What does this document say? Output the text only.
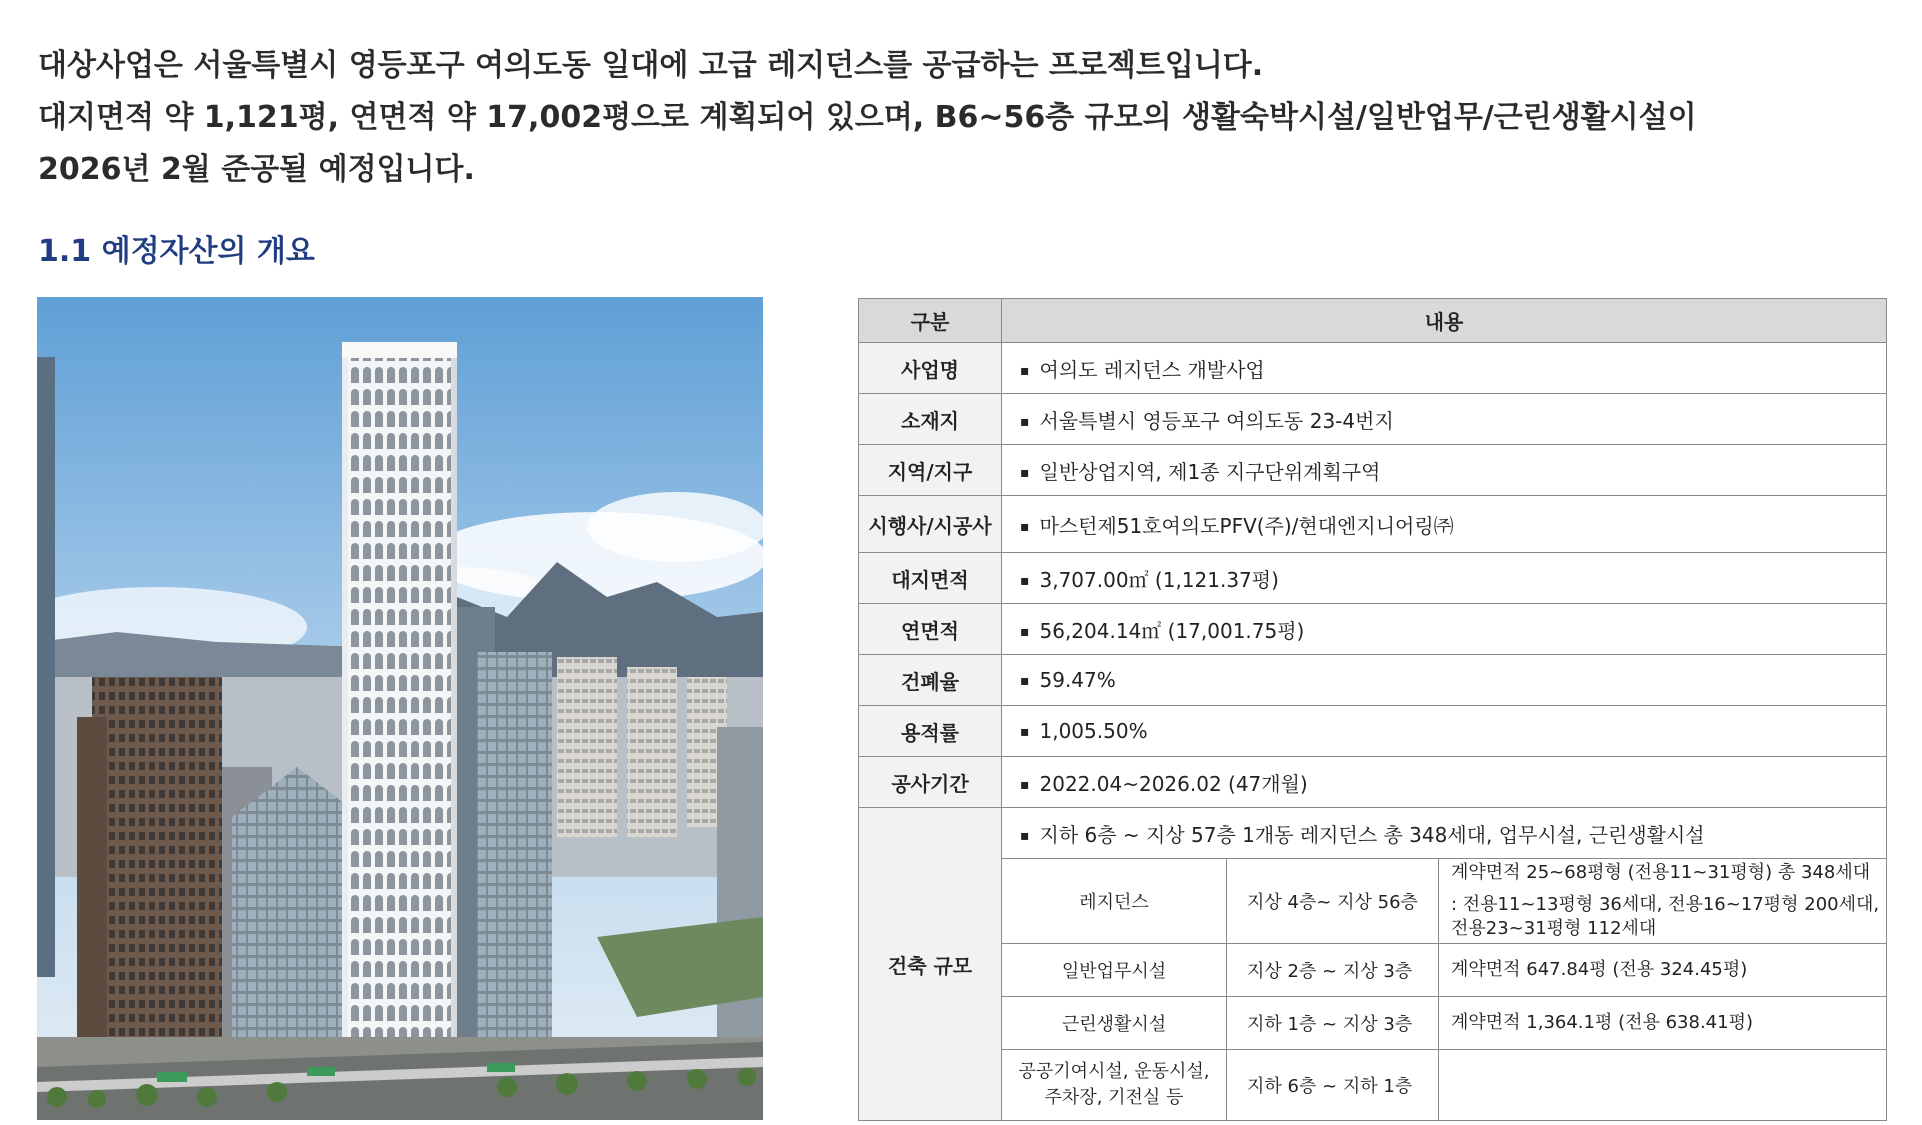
대상사업은 서울특별시 영등포구 여의도동 일대에 고급 레지던스를 공급하는 프로젝트입니다.

대지면적 약 1,121평, 연면적 약 17,002평으로 계획되어 있으며, B6~56층 규모의 생활숙박시설/일반업무/근린생활시설이

2026년 2월 준공될 예정입니다.

1.1 예정자산의 개요
구분	내용		
사업명	▪ 여의도 레지던스 개발사업
소재지	▪ 서울특별시 영등포구 여의도동 23-4번지
지역/지구	▪ 일반상업지역, 제1종 지구단위계획구역
시행사/시공사	▪ 마스턴제51호여의도PFV(주)/현대엔지니어링㈜
대지면적	▪ 3,707.00㎡ (1,121.37평)
연면적	▪ 56,204.14㎡ (17,001.75평)
건폐율	▪ 59.47%
용적률	▪ 1,005.50%
공사기간	▪ 2022.04~2026.02 (47개월)
건축 규모	▪ 지하 6층 ~ 지상 57층 1개동 레지던스 총 348세대, 업무시설, 근린생활시설
	레지던스	지상 4층~ 지상 56층	계약면적 25~68평형 (전용11~31평형) 총 348세대
: 전용11~13평형 36세대, 전용16~17평형 200세대,
전용23~31평형 112세대

	일반업무시설	지상 2층 ~ 지상 3층	계약면적 647.84평 (전용 324.45평)
	근린생활시설	지하 1층 ~ 지상 3층	계약면적 1,364.1평 (전용 638.41평)

	공공기여시설, 운동시설,
주차장, 기전실 등	지하 6층 ~ 지하 1층	
